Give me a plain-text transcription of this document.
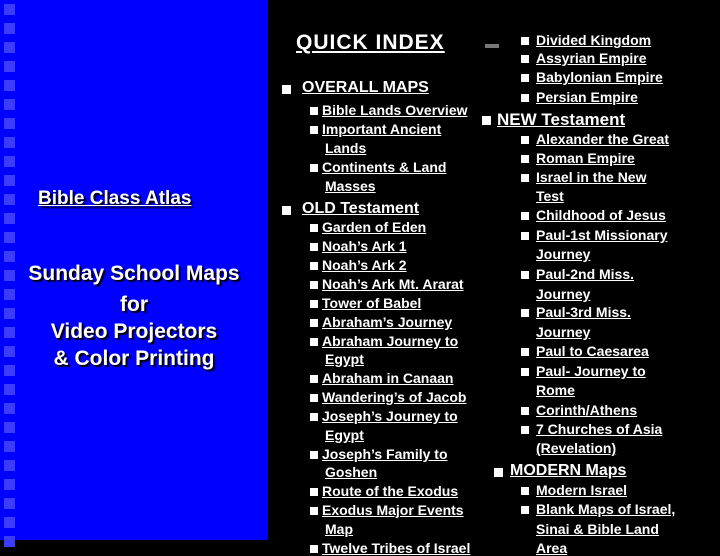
Bible Class Atlas
Sunday School Maps
for
Video Projectors
& Color Printing
QUICK INDEX
OVERALL MAPS
Bible Lands Overview
Important Ancient
Lands
Continents & Land
Masses
OLD Testament
Garden of Eden
Noah’s Ark 1
Noah’s Ark 2
Noah’s Ark Mt. Ararat
Tower of Babel
Abraham’s Journey
Abraham Journey to
Egypt
Abraham in Canaan
Wandering’s of Jacob
Joseph’s Journey to
Egypt
Joseph’s Family to
Goshen
Route of the Exodus
Exodus Major Events
Map
Twelve Tribes of Israel
Divided Kingdom
Assyrian Empire
Babylonian Empire
Persian Empire
NEW Testament
Alexander the Great
Roman Empire
Israel in the New
Test
Childhood of Jesus
Paul-1st Missionary
Journey
Paul-2nd Miss.
Journey
Paul-3rd Miss.
Journey
Paul to Caesarea
Paul- Journey to
Rome
Corinth/Athens
7 Churches of Asia
(Revelation)
MODERN Maps
Modern Israel
Blank Maps of Israel,
Sinai & Bible Land
Area
